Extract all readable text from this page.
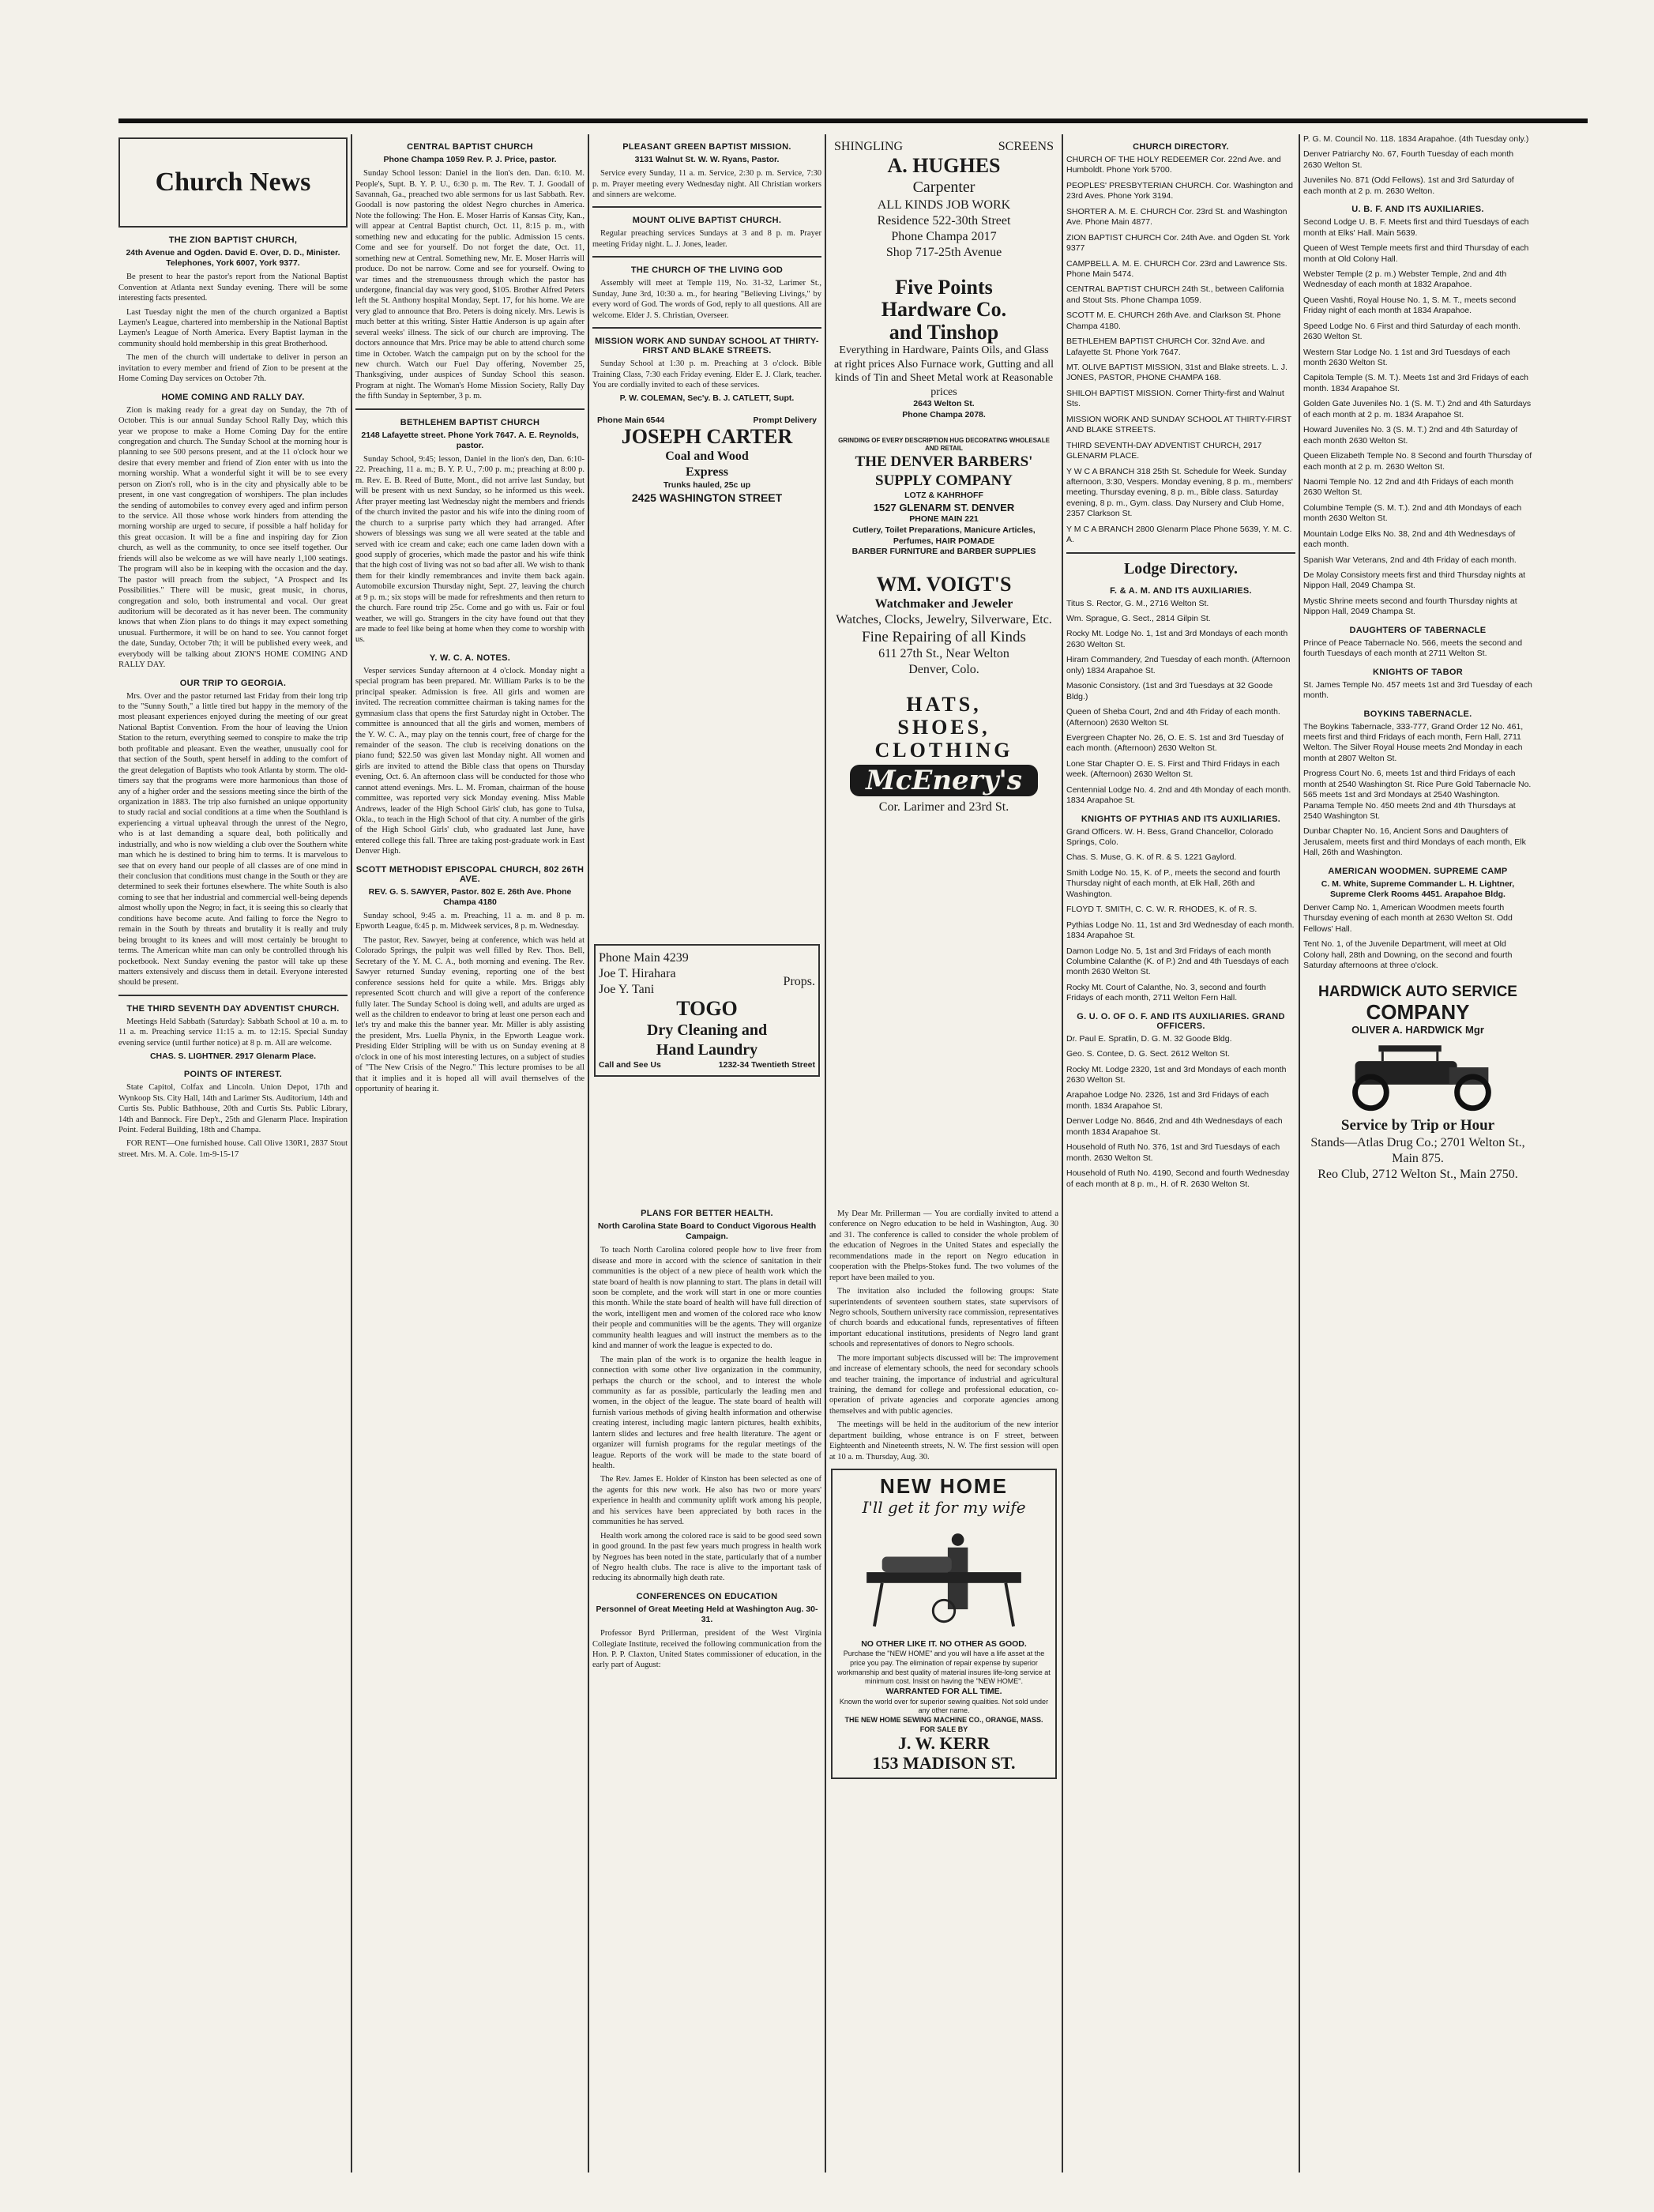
Church News
THE ZION BAPTIST CHURCH,
24th Avenue and Ogden. David E. Over, D. D., Minister. Telephones, York 6007, York 9377.

Be present to hear the pastor's report from the National Baptist Convention at Atlanta next Sunday evening. There will be some interesting facts presented.

Last Tuesday night the men of the church organized a Baptist Laymen's League, chartered into membership in the National Baptist Laymen's League of North America. Every Baptist layman in the community should hold membership in this great Brotherhood.

The men of the church will undertake to deliver in person an invitation to every member and friend of Zion to be present at the Home Coming Day services on October 7th.

HOME COMING AND RALLY DAY.

Zion is making ready for a great day on Sunday, the 7th of October. This is our annual Sunday School Rally Day, which this year we propose to make a Home Coming Day for the entire congregation and church. The Sunday School at the morning hour is planning to see 500 persons present, and at the 11 o'clock hour we desire that every member and friend of Zion enter with us into the morning worship. What a wonderful sight it will be to see every person on Zion's roll, who is in the city and physically able to be present, in one vast congregation of worshipers. The plan includes the sending of automobiles to convey every aged and infirm person to the service. All those whose work hinders from attending the morning worship are urged to secure, if possible a half holiday for this great occasion. It will be a fine and inspiring day for Zion church, as well as the community, to once see itself together. Our friends will also be welcome as we will have nearly 1,100 seatings. The program will also be in keeping with the occasion and the day. The pastor will preach from the subject, "A Prospect and Its Possibilities." There will be music, great music, in chorus, congregation and solo, both instrumental and vocal. Our great auditorium will be decorated as it has never been. The community knows that when Zion plans to do things it may expect something unusual. Furthermore, it will be on hand to see. You cannot forget the date, Sunday, October 7th; it will be published every week, and everybody will be talking about ZION'S HOME COMING AND RALLY DAY.

OUR TRIP TO GEORGIA.

Mrs. Over and the pastor returned last Friday from their long trip to the "Sunny South," a little tired but happy in the memory of the most pleasant experiences enjoyed during the meeting of our great National Baptist Convention. From the hour of leaving the Union Station to the return, everything seemed to conspire to make the trip both profitable and pleasant. Even the weather, unusually cool for that section of the South, spent herself in adding to the comfort of the great delegation of Baptists who took Atlanta by storm. The old-timers say that the programs were more harmonious than those of any of a higher order and the sessions meeting since the birth of the organization in 1883. The trip also furnished an unique opportunity to study racial and social conditions at a time when the Southland is experiencing a virtual upheaval through the unrest of the Negro, who is at last demanding a square deal, both politically and industrially, and who is now wielding a club over the Southern white man which he is destined to bring him to terms. It is marvelous to see that on every hand our people of all classes are of one mind in their conclusion that conditions must change in the South or they are determined to seek their fortunes elsewhere. The white South is also coming to see that her industrial and commercial well-being depends almost wholly upon the Negro; in fact, it is seeing this so clearly that conditions have become acute. And failing to force the Negro to remain in the South by threats and brutality it is really and truly being brought to its knees and will most certainly be brought to terms. The American white man can only be controlled through his pocketbook. Next Sunday evening the pastor will take up these matters extensively and discuss them in detail. Everyone interested should be present.

THE THIRD SEVENTH DAY ADVENTIST CHURCH.

Meetings Held Sabbath (Saturday): Sabbath School at 10 a. m. to 11 a. m. Preaching service 11:15 a. m. to 12:15. Special Sunday evening service (until further notice) at 8 p. m. All are welcome.

CHAS. S. LIGHTNER. 2917 Glenarm Place.
POINTS OF INTEREST.

State Capitol, Colfax and Lincoln. Union Depot, 17th and Wynkoop Sts. City Hall, 14th and Larimer Sts. Auditorium, 14th and Curtis Sts. Public Bathhouse, 20th and Curtis Sts. Public Library, 14th and Bannock. Fire Dep't., 25th and Glenarm Place. Inspiration Point. Federal Building, 18th and Champa.

FOR RENT—One furnished house. Call Olive 130R1, 2837 Stout street. Mrs. M. A. Cole. 1m-9-15-17

CENTRAL BAPTIST CHURCH
Phone Champa 1059 Rev. P. J. Price, pastor.

Sunday School lesson: Daniel in the lion's den. Dan. 6:10. M. People's, Supt. B. Y. P. U., 6:30 p. m. The Rev. T. J. Goodall of Savannah, Ga., preached two able sermons for us last Sabbath. Rev. Goodall is now pastoring the oldest Negro churches in America. Note the following: The Hon. E. Moser Harris of Kansas City, Kan., will appear at Central Baptist church, Oct. 11, 8:15 p. m., with something new and educating for the public. Admission 15 cents. Come and see for yourself. Do not forget the date, Oct. 11, something new at Central. Something new, Mr. E. Moser Harris will produce. Do not be narrow. Come and see for yourself. Owing to war times and the strenuousness through which the pastor has undergone, financial day was very good, $105. Brother Alfred Peters left the St. Anthony hospital Monday, Sept. 17, for his home. We are very glad to announce that Bro. Peters is doing nicely. Mrs. Lewis is much better at this writing. Sister Hattie Anderson is up again after several weeks' illness. The sick of our church are improving. The doctors announce that Mrs. Price may be able to attend church some time in October. Watch the campaign put on by the school for the new church. Watch our Fuel Day offering, November 25, Thanksgiving, under auspices of Sunday School this season. Program at night. The Woman's Home Mission Society, Rally Day the fifth Sunday in September, 3 p. m.

BETHLEHEM BAPTIST CHURCH
2148 Lafayette street. Phone York 7647. A. E. Reynolds, pastor.

Sunday School, 9:45; lesson, Daniel in the lion's den, Dan. 6:10-22. Preaching, 11 a. m.; B. Y. P. U., 7:00 p. m.; preaching at 8:00 p. m. Rev. E. B. Reed of Butte, Mont., did not arrive last Sunday, but will be present with us next Sunday, so he informed us this week. After prayer meeting last Wednesday night the members and friends of the church invited the pastor and his wife into the dining room of the church to a surprise party which they had arranged. After showers of blessings was sung we all were seated at the table and served with ice cream and cake; each one came laden down with a good supply of groceries, which made the pastor and his wife think that the high cost of living was not so bad after all. We wish to thank them for their kindly remembrances and invite them back again. Automobile excursion Thursday night, Sept. 27, leaving the church at 9 p. m.; six stops will be made for refreshments and then return to the church. Fare round trip 25c. Come and go with us. Fair or foul weather, we will go. Strangers in the city have found out that they are made to feel like being at home when they come to worship with us.

Y. W. C. A. NOTES.

Vesper services Sunday afternoon at 4 o'clock. Monday night a special program has been prepared. Mr. William Parks is to be the principal speaker. Admission is free. All girls and women are invited. The recreation committee chairman is taking names for the gymnasium class that opens the first Saturday night in October. The committee is announced that all the girls and women, members of the Y. W. C. A., may play on the tennis court, free of charge for the remainder of the season. The club is receiving donations on the piano fund; $22.50 was given last Monday night. All women and girls are invited to attend the Bible class that opens on Thursday evening, Oct. 6. An afternoon class will be conducted for those who cannot attend evenings. Mrs. L. M. Froman, chairman of the house committee, was reported very sick Monday evening. Miss Mable Andrews, leader of the High School Girls' club, has gone to Tulsa, Okla., to teach in the High School of that city. A number of the girls of the High School Girls' club, who graduated last June, have entered college this fall. Three are taking post-graduate work in East Denver High.

SCOTT METHODIST EPISCOPAL CHURCH, 802 26TH AVE.
REV. G. S. SAWYER, Pastor. 802 E. 26th Ave. Phone Champa 4180

Sunday school, 9:45 a. m. Preaching, 11 a. m. and 8 p. m. Epworth League, 6:45 p. m. Midweek services, 8 p. m. Wednesday.

The pastor, Rev. Sawyer, being at conference, which was held at Colorado Springs, the pulpit was well filled by Rev. Thos. Bell, Secretary of the Y. M. C. A., both morning and evening. The Rev. Sawyer returned Sunday evening, reporting one of the best conference sessions held for quite a while. Mrs. Briggs ably represented Scott church and will give a report of the conference fully later. The Sunday School is doing well, and adults are urged as well as the children to endeavor to bring at least one person each and let's try and make this the banner year. Mr. Miller is ably assisting the president, Mrs. Luella Phynix, in the Epworth League work. Presiding Elder Stripling will be with us on Sunday evening at 8 o'clock in one of his most interesting lectures, on a subject of studies of "The New Crisis of the Negro." This lecture promises to be all that it implies and it is hoped all will avail themselves of the opportunity of hearing it.

PLEASANT GREEN BAPTIST MISSION.
3131 Walnut St. W. W. Ryans, Pastor.

Service every Sunday, 11 a. m. Service, 2:30 p. m. Service, 7:30 p. m. Prayer meeting every Wednesday night. All Christian workers and sinners are welcome.

MOUNT OLIVE BAPTIST CHURCH.

Regular preaching services Sundays at 3 and 8 p. m. Prayer meeting Friday night. L. J. Jones, leader.

THE CHURCH OF THE LIVING GOD

Assembly will meet at Temple 119, No. 31-32, Larimer St., Sunday, June 3rd, 10:30 a. m., for hearing "Believing Livings," by every word of God. The words of God, reply to all questions. All are welcome. Elder J. S. Christian, Overseer.

MISSION WORK AND SUNDAY SCHOOL AT THIRTY-FIRST AND BLAKE STREETS.

Sunday School at 1:30 p. m. Preaching at 3 o'clock. Bible Training Class, 7:30 each Friday evening. Elder E. J. Clark, teacher. You are cordially invited to each of these services.

P. W. COLEMAN, Sec'y. B. J. CATLETT, Supt.
Phone Main 6544	Prompt Delivery
JOSEPH CARTER
Coal and Wood
Express
Trunks hauled, 25c up
2425 WASHINGTON STREET
Phone Main 4239
Joe T. Hirahara
Joe Y. Tani
Props.
TOGO
Dry Cleaning and
Hand Laundry
Call and See Us	1232-34 Twentieth Street
SHINGLING	SCREENS
A. HUGHES
Carpenter
ALL KINDS JOB WORK
Residence 522-30th Street
Phone Champa 2017
Shop 717-25th Avenue
Five Points
Hardware Co.
and Tinshop
Everything in Hardware, Paints Oils, and Glass at right prices Also Furnace work, Gutting and all kinds of Tin and Sheet Metal work at Reasonable prices
2643 Welton St.
Phone Champa 2078.
GRINDING OF EVERY DESCRIPTION HUG DECORATING WHOLESALE AND RETAIL
THE DENVER BARBERS' SUPPLY COMPANY
LOTZ & KAHRHOFF
1527 GLENARM ST. DENVER
PHONE MAIN 221
Cutlery, Toilet Preparations, Manicure Articles, Perfumes, HAIR POMADE
BARBER FURNITURE and BARBER SUPPLIES
WM. VOIGT'S
Watchmaker and Jeweler
Watches, Clocks, Jewelry, Silverware, Etc.
Fine Repairing of all Kinds
611 27th St., Near Welton
Denver, Colo.
HATS,
SHOES,
CLOTHING
McEnery's
Cor. Larimer and 23rd St.
PLANS FOR BETTER HEALTH.
North Carolina State Board to Conduct Vigorous Health Campaign.

To teach North Carolina colored people how to live freer from disease and more in accord with the science of sanitation in their communities is the object of a new piece of health work which the state board of health is now planning to start. The plans in detail will soon be complete, and the work will start in one or more counties this month. While the state board of health will have full direction of the work, intelligent men and women of the colored race who know their people and communities will be the agents. They will organize community health leagues and will instruct the members as to the kind and manner of work the league is expected to do.

The main plan of the work is to organize the health league in connection with some other live organization in the community, perhaps the church or the school, and to interest the whole community as far as possible, particularly the leading men and women, in the object of the league. The state board of health will furnish various methods of giving health information and otherwise creating interest, including magic lantern pictures, health exhibits, lantern slides and lectures and free health literature. The agent or organizer will furnish programs for the regular meetings of the league. Reports of the work will be made to the state board of health.

The Rev. James E. Holder of Kinston has been selected as one of the agents for this new work. He also has two or more years' experience in health and community uplift work among his people, and his services have been appreciated by both races in the communities he has served.

Health work among the colored race is said to be good seed sown in good ground. In the past few years much progress in health work by Negroes has been noted in the state, particularly that of a number of Negro health clubs. The race is alive to the important task of reducing its abnormally high death rate.

CONFERENCES ON EDUCATION
Personnel of Great Meeting Held at Washington Aug. 30-31.

Professor Byrd Prillerman, president of the West Virginia Collegiate Institute, received the following communication from the Hon. P. P. Claxton, United States commissioner of education, in the early part of August:

My Dear Mr. Prillerman — You are cordially invited to attend a conference on Negro education to be held in Washington, Aug. 30 and 31. The conference is called to consider the whole problem of the education of Negroes in the United States and especially the recommendations made in the report on Negro education in cooperation with the Phelps-Stokes fund. The two volumes of the report have been mailed to you.

The invitation also included the following groups: State superintendents of seventeen southern states, state supervisors of Negro schools, Southern university race commission, representatives of church boards and educational funds, representatives of fifteen important educational institutions, presidents of Negro land grant schools and representatives of donors to Negro schools.

The more important subjects discussed will be: The improvement and increase of elementary schools, the need for secondary schools and teacher training, the importance of industrial and agricultural training, the demand for college and professional education, co-operation of private agencies and corporate agencies among themselves and with public agencies.

The meetings will be held in the auditorium of the new interior department building, whose entrance is on F street, between Eighteenth and Nineteenth streets, N. W. The first session will open at 10 a. m. Thursday, Aug. 30.

NEW HOME
I'll get it for my wife
NO OTHER LIKE IT. NO OTHER AS GOOD.
Purchase the "NEW HOME" and you will have a life asset at the price you pay. The elimination of repair expense by superior workmanship and best quality of material insures life-long service at minimum cost. Insist on having the "NEW HOME".
WARRANTED FOR ALL TIME.
Known the world over for superior sewing qualities. Not sold under any other name.
THE NEW HOME SEWING MACHINE CO., ORANGE, MASS.
FOR SALE BY
J. W. KERR
153 MADISON ST.
CHURCH DIRECTORY.

CHURCH OF THE HOLY REDEEMER Cor. 22nd Ave. and Humboldt. Phone York 5700.

PEOPLES' PRESBYTERIAN CHURCH. Cor. Washington and 23rd Aves. Phone York 3194.

SHORTER A. M. E. CHURCH Cor. 23rd St. and Washington Ave. Phone Main 4877.

ZION BAPTIST CHURCH Cor. 24th Ave. and Ogden St. York 9377

CAMPBELL A. M. E. CHURCH Cor. 23rd and Lawrence Sts. Phone Main 5474.

CENTRAL BAPTIST CHURCH 24th St., between California and Stout Sts. Phone Champa 1059.

SCOTT M. E. CHURCH 26th Ave. and Clarkson St. Phone Champa 4180.

BETHLEHEM BAPTIST CHURCH Cor. 32nd Ave. and Lafayette St. Phone York 7647.

MT. OLIVE BAPTIST MISSION, 31st and Blake streets. L. J. JONES, PASTOR, PHONE CHAMPA 168.

SHILOH BAPTIST MISSION. Corner Thirty-first and Walnut Sts.

MISSION WORK AND SUNDAY SCHOOL AT THIRTY-FIRST AND BLAKE STREETS.

THIRD SEVENTH-DAY ADVENTIST CHURCH, 2917 GLENARM PLACE.

Y W C A BRANCH 318 25th St. Schedule for Week. Sunday afternoon, 3:30, Vespers. Monday evening, 8 p. m., members' meeting. Thursday evening, 8 p. m., Bible class. Saturday evening, 8 p. m., Gym. class. Day Nursery and Club Home, 2357 Clarkson St.

Y M C A BRANCH 2800 Glenarm Place Phone 5639, Y. M. C. A.

Lodge Directory.
F. & A. M. AND ITS AUXILIARIES.

Titus S. Rector, G. M., 2716 Welton St.

Wm. Sprague, G. Sect., 2814 Gilpin St.

Rocky Mt. Lodge No. 1, 1st and 3rd Mondays of each month 2630 Welton St.

Hiram Commandery, 2nd Tuesday of each month. (Afternoon only) 1834 Arapahoe St.

Masonic Consistory. (1st and 3rd Tuesdays at 32 Goode Bldg.)

Queen of Sheba Court, 2nd and 4th Friday of each month. (Afternoon) 2630 Welton St.

Evergreen Chapter No. 26, O. E. S. 1st and 3rd Tuesday of each month. (Afternoon) 2630 Welton St.

Lone Star Chapter O. E. S. First and Third Fridays in each week. (Afternoon) 2630 Welton St.

Centennial Lodge No. 4. 2nd and 4th Monday of each month. 1834 Arapahoe St.

KNIGHTS OF PYTHIAS AND ITS AUXILIARIES.

Grand Officers. W. H. Bess, Grand Chancellor, Colorado Springs, Colo.

Chas. S. Muse, G. K. of R. & S. 1221 Gaylord.

Smith Lodge No. 15, K. of P., meets the second and fourth Thursday night of each month, at Elk Hall, 26th and Washington.

FLOYD T. SMITH, C. C. W. R. RHODES, K. of R. S.

Pythias Lodge No. 11, 1st and 3rd Wednesday of each month. 1834 Arapahoe St.

Damon Lodge No. 5, 1st and 3rd Fridays of each month Columbine Calanthe (K. of P.) 2nd and 4th Tuesdays of each month 2630 Welton St.

Rocky Mt. Court of Calanthe, No. 3, second and fourth Fridays of each month, 2711 Welton Fern Hall.

G. U. O. OF O. F. AND ITS AUXILIARIES. GRAND OFFICERS.

Dr. Paul E. Spratlin, D. G. M. 32 Goode Bldg.

Geo. S. Contee, D. G. Sect. 2612 Welton St.

Rocky Mt. Lodge 2320, 1st and 3rd Mondays of each month 2630 Welton St.

Arapahoe Lodge No. 2326, 1st and 3rd Fridays of each month. 1834 Arapahoe St.

Denver Lodge No. 8646, 2nd and 4th Wednesdays of each month 1834 Arapahoe St.

Household of Ruth No. 376, 1st and 3rd Tuesdays of each month. 2630 Welton St.

Household of Ruth No. 4190, Second and fourth Wednesday of each month at 8 p. m., H. of R. 2630 Welton St.

P. G. M. Council No. 118. 1834 Arapahoe. (4th Tuesday only.)

Denver Patriarchy No. 67, Fourth Tuesday of each month 2630 Welton St.

Juveniles No. 871 (Odd Fellows). 1st and 3rd Saturday of each month at 2 p. m. 2630 Welton.

U. B. F. AND ITS AUXILIARIES.

Second Lodge U. B. F. Meets first and third Tuesdays of each month at Elks' Hall. Main 5639.

Queen of West Temple meets first and third Thursday of each month at Old Colony Hall.

Webster Temple (2 p. m.) Webster Temple, 2nd and 4th Wednesday of each month at 1832 Arapahoe.

Queen Vashti, Royal House No. 1, S. M. T., meets second Friday night of each month at 1834 Arapahoe.

Speed Lodge No. 6 First and third Saturday of each month. 2630 Welton St.

Western Star Lodge No. 1 1st and 3rd Tuesdays of each month 2630 Welton St.

Capitola Temple (S. M. T.). Meets 1st and 3rd Fridays of each month. 1834 Arapahoe St.

Golden Gate Juveniles No. 1 (S. M. T.) 2nd and 4th Saturdays of each month at 2 p. m. 1834 Arapahoe St.

Howard Juveniles No. 3 (S. M. T.) 2nd and 4th Saturday of each month 2630 Welton St.

Queen Elizabeth Temple No. 8 Second and fourth Thursday of each month at 2 p. m. 2630 Welton St.

Naomi Temple No. 12 2nd and 4th Fridays of each month 2630 Welton St.

Columbine Temple (S. M. T.). 2nd and 4th Mondays of each month 2630 Welton St.

Mountain Lodge Elks No. 38, 2nd and 4th Wednesdays of each month.

Spanish War Veterans, 2nd and 4th Friday of each month.

De Molay Consistory meets first and third Thursday nights at Nippon Hall, 2049 Champa St.

Mystic Shrine meets second and fourth Thursday nights at Nippon Hall, 2049 Champa St.

DAUGHTERS OF TABERNACLE

Prince of Peace Tabernacle No. 566, meets the second and fourth Tuesdays of each month at 2711 Welton St.

KNIGHTS OF TABOR

St. James Temple No. 457 meets 1st and 3rd Tuesday of each month.

BOYKINS TABERNACLE.

The Boykins Tabernacle, 333-777, Grand Order 12 No. 461, meets first and third Fridays of each month, Fern Hall, 2711 Welton. The Silver Royal House meets 2nd Monday in each month at 2807 Welton St.

Progress Court No. 6, meets 1st and third Fridays of each month at 2540 Washington St. Rice Pure Gold Tabernacle No. 565 meets 1st and 3rd Mondays at 2540 Washington. Panama Temple No. 450 meets 2nd and 4th Thursdays at 2540 Washington St.

Dunbar Chapter No. 16, Ancient Sons and Daughters of Jerusalem, meets first and third Mondays of each month, Elk Hall, 26th and Washington.

AMERICAN WOODMEN. SUPREME CAMP
C. M. White, Supreme Commander L. H. Lightner, Supreme Clerk Rooms 4451. Arapahoe Bldg.

Denver Camp No. 1, American Woodmen meets fourth Thursday evening of each month at 2630 Welton St. Odd Fellows' Hall.

Tent No. 1, of the Juvenile Department, will meet at Old Colony hall, 28th and Downing, on the second and fourth Saturday afternoons at three o'clock.

HARDWICK AUTO SERVICE
COMPANY
OLIVER A. HARDWICK Mgr
Service by Trip or Hour
Stands—Atlas Drug Co.; 2701 Welton St., Main 875.
Reo Club, 2712 Welton St., Main 2750.
